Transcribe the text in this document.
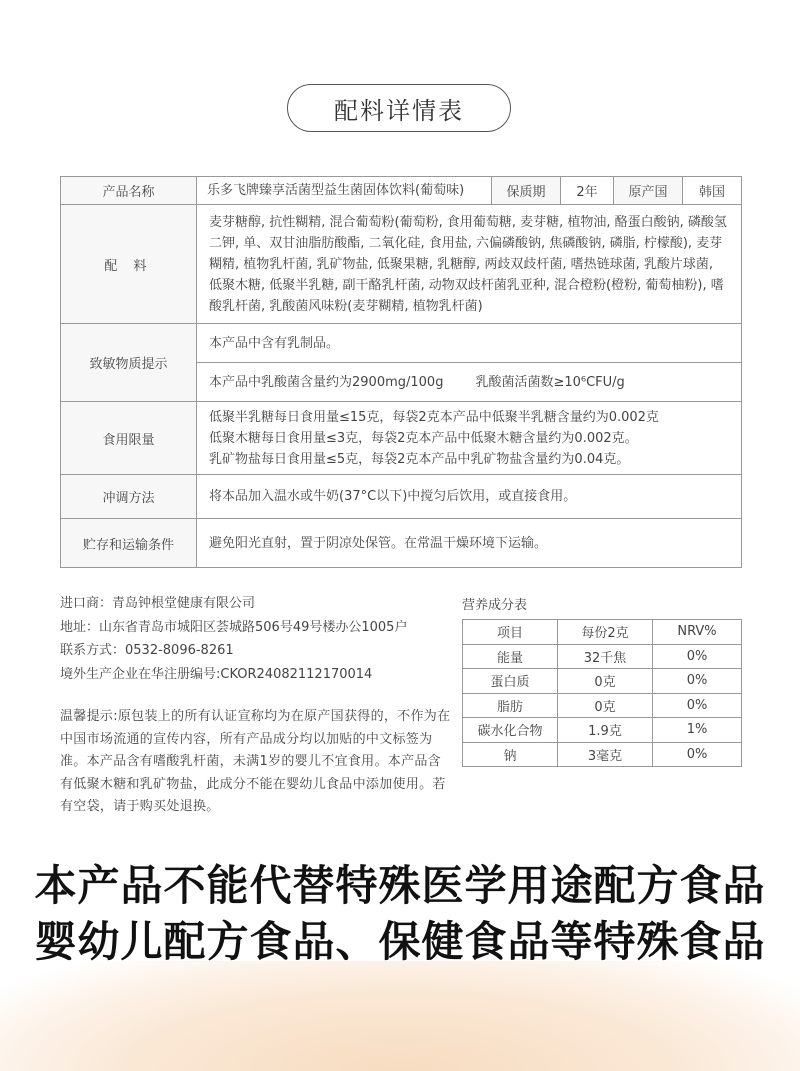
配料详情表
产品名称	乐多飞牌臻享活菌型益生菌固体饮料(葡萄味)	保质期	2年	原产国	韩国
配 料	麦芽糖醇, 抗性糊精, 混合葡萄粉(葡萄粉, 食用葡萄糖, 麦芽糖, 植物油, 酪蛋白酸钠, 磷酸氢二钾, 单、双甘油脂肪酸酯, 二氧化硅, 食用盐, 六偏磷酸钠, 焦磷酸钠, 磷脂, 柠檬酸), 麦芽糊精, 植物乳杆菌, 乳矿物盐, 低聚果糖, 乳糖醇, 两歧双歧杆菌, 嗜热链球菌, 乳酸片球菌, 低聚木糖, 低聚半乳糖, 副干酪乳杆菌, 动物双歧杆菌乳亚种, 混合橙粉(橙粉, 葡萄柚粉), 嗜酸乳杆菌, 乳酸菌风味粉(麦芽糊精, 植物乳杆菌)				
致敏物质提示	本产品中含有乳制品。				
	本产品中乳酸菌含量约为2900mg/100g 乳酸菌活菌数≥10⁶CFU/g				
食用限量	低聚半乳糖每日食用量≤15克，每袋2克本产品中低聚半乳糖含量约为0.002克
低聚木糖每日食用量≤3克，每袋2克本产品中低聚木糖含量约为0.002克。
乳矿物盐每日食用量≤5克，每袋2克本产品中乳矿物盐含量约为0.04克。				

冲调方法	将本品加入温水或牛奶(37°C以下)中搅匀后饮用，或直接食用。				
贮存和运输条件	避免阳光直射，置于阴凉处保管。在常温干燥环境下运输。				
进口商：青岛钟根堂健康有限公司
地址：山东省青岛市城阳区荟城路506号49号楼办公1005户
联系方式：0532-8096-8261
境外生产企业在华注册编号:CKOR24082112170014
温馨提示:原包装上的所有认证宣称均为在原产国获得的，不作为在中国市场流通的宣传内容，所有产品成分均以加贴的中文标签为准。本产品含有嗜酸乳杆菌，未满1岁的婴儿不宜食用。本产品含有低聚木糖和乳矿物盐，此成分不能在婴幼儿食品中添加使用。若有空袋，请于购买处退换。
营养成分表
项目	每份2克	NRV%
能量	32千焦	0%
蛋白质	0克	0%
脂肪	0克	0%
碳水化合物	1.9克	1%
钠	3毫克	0%
本产品不能代替特殊医学用途配方食品
婴幼儿配方食品、保健食品等特殊食品
